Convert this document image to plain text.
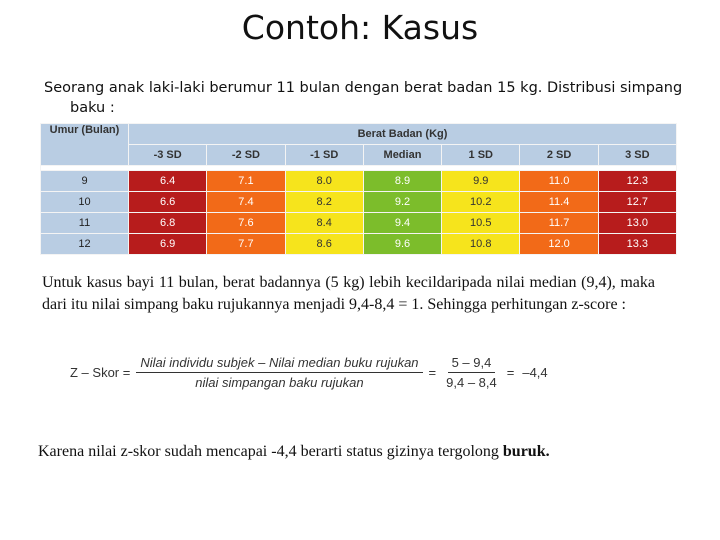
Contoh: Kasus
Seorang anak laki-laki berumur 11 bulan dengan berat badan 15 kg. Distribusi simpang
baku :
Umur (Bulan)	Berat Badan (Kg)						
	-3 SD	-2 SD	-1 SD	Median	1 SD	2 SD	3 SD

9	6.4	7.1	8.0	8.9	9.9	11.0	12.3
10	6.6	7.4	8.2	9.2	10.2	11.4	12.7
11	6.8	7.6	8.4	9.4	10.5	11.7	13.0
12	6.9	7.7	8.6	9.6	10.8	12.0	13.3
Untuk kasus bayi 11 bulan, berat badannya (5 kg) lebih kecildaripada nilai median (9,4), maka dari itu nilai simpang baku rujukannya menjadi 9,4-8,4 = 1. Sehingga perhitungan z-score :
Z – Skor = $\frac{\text{Nilai individu subjek – Nilai median buku rujukan}}{\text{nilai simpangan baku rujukan}} = \frac{5 - 9,4}{9,4 - 8,4} = -4,4$
Karena nilai z-skor sudah mencapai -4,4 berarti status gizinya tergolong buruk.
